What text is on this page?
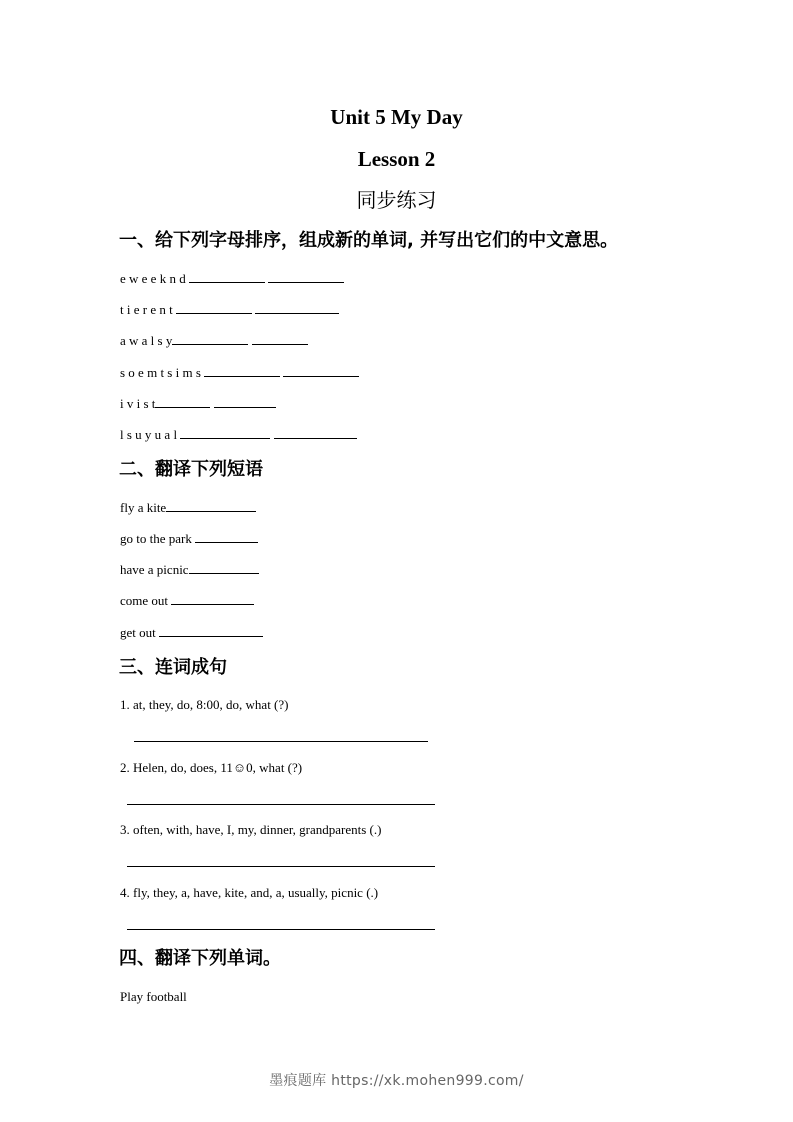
Unit 5 My Day
Lesson 2
同步练习
一、给下列字母排序，组成新的单词, 并写出它们的中文意思。
e w e e k n d
t i e r e n t
a w a l s y
s o e m t s i m s
i v i s t
l s u y u a l
二、翻译下列短语
fly a kite
go to the park
have a picnic
come out
get out
三、连词成句
1. at, they, do, 8:00, do, what (?)
2. Helen, do, does, 11☺0, what (?)
3. often, with, have, I, my, dinner, grandparents (.)
4. fly, they, a, have, kite, and, a, usually, picnic (.)
四、翻译下列单词。
Play football
墨痕题库 https://xk.mohen999.com/
